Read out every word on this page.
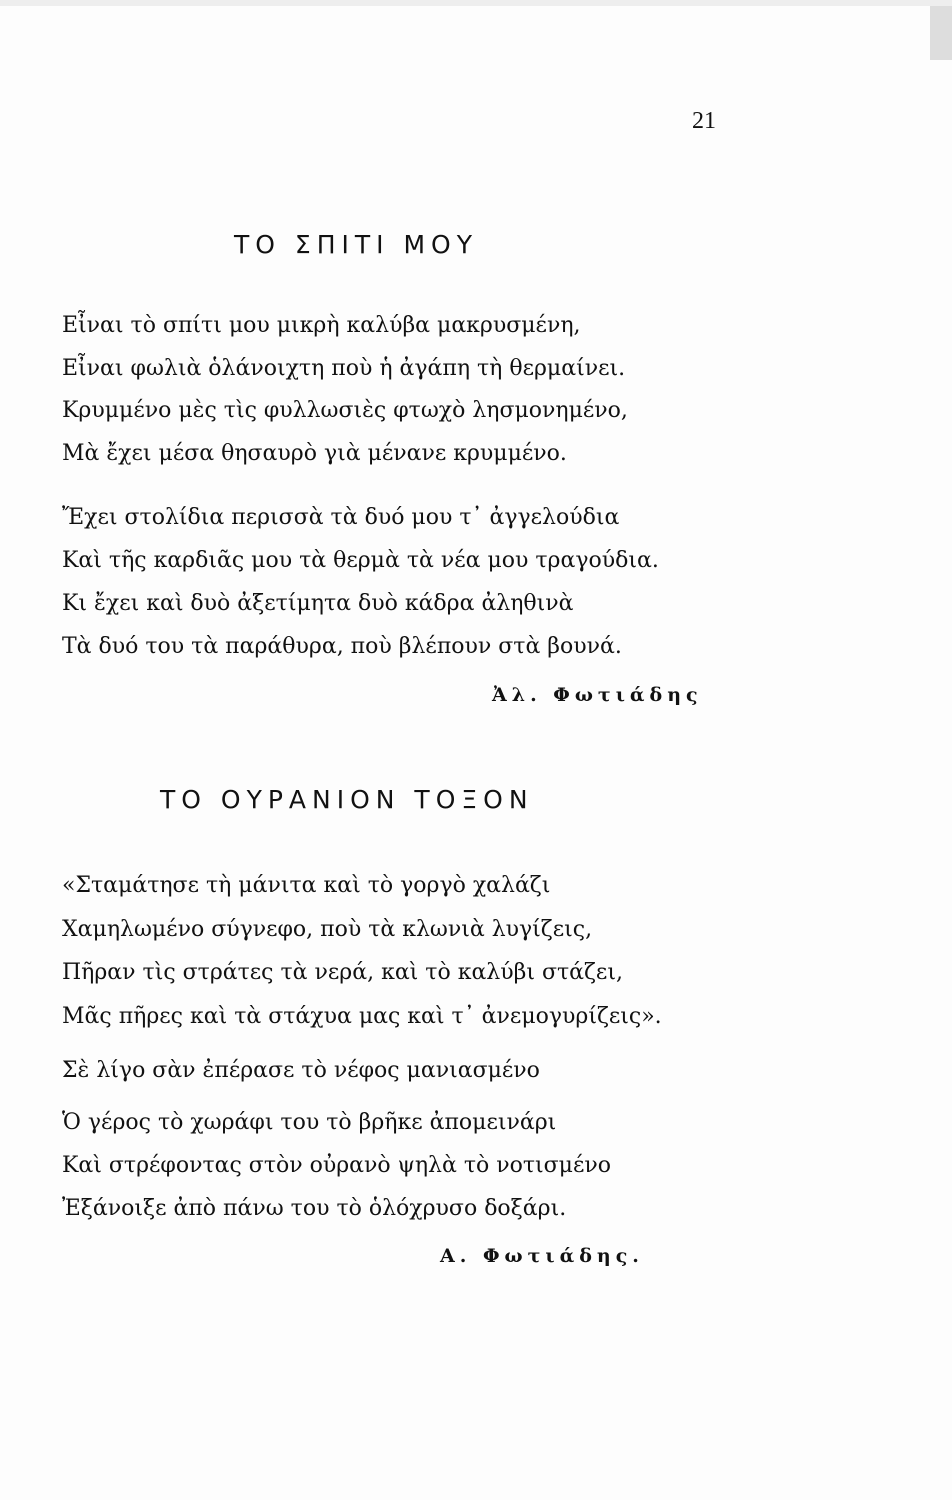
21
ΤΟ ΣΠΙΤΙ ΜΟΥ
Εἶναι τὸ σπίτι μου μικρὴ καλύβα μακρυσμένη,
Εἶναι φωλιὰ ὁλάνοιχτη ποὺ ἡ ἀγάπη τὴ θερμαίνει.
Κρυμμένο μὲς τὶς φυλλωσιὲς φτωχὸ λησμονημένο,
Μὰ ἔχει μέσα θησαυρὸ γιὰ μένανε κρυμμένο.
Ἔχει στολίδια περισσὰ τὰ δυό μου τ᾽ ἀγγελούδια
Καὶ τῆς καρδιᾶς μου τὰ θερμὰ τὰ νέα μου τραγούδια.
Κι ἔχει καὶ δυὸ ἀξετίμητα δυὸ κάδρα ἀληθινὰ
Τὰ δυό του τὰ παράθυρα, ποὺ βλέπουν στὰ βουνά.
Ἀλ. Φωτιάδης
ΤΟ ΟΥΡΑΝΙΟΝ ΤΟΞΟΝ
«Σταμάτησε τὴ μάνιτα καὶ τὸ γοργὸ χαλάζι
Χαμηλωμένο σύγνεφο, ποὺ τὰ κλωνιὰ λυγίζεις,
Πῆραν τὶς στράτες τὰ νερά, καὶ τὸ καλύβι στάζει,
Μᾶς πῆρες καὶ τὰ στάχυα μας καὶ τ᾽ ἀνεμογυρίζεις».
Σὲ λίγο σὰν ἐπέρασε τὸ νέφος μανιασμένο
Ὁ γέρος τὸ χωράφι του τὸ βρῆκε ἀπομεινάρι
Καὶ στρέφοντας στὸν οὐρανὸ ψηλὰ τὸ νοτισμένο
Ἐξάνοιξε ἀπὸ πάνω του τὸ ὁλόχρυσο δοξάρι.
Α. Φωτιάδης.
